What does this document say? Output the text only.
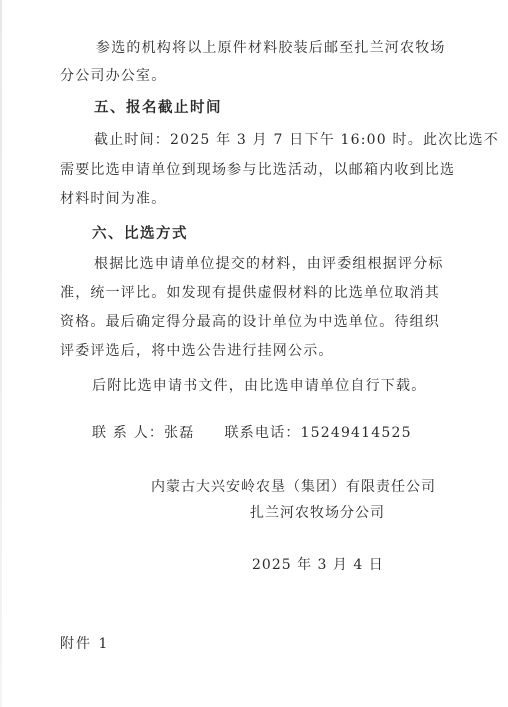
参选的机构将以上原件材料胶装后邮至扎兰河农牧场
分公司办公室。
五、报名截止时间
截止时间：2025 年 3 月 7 日下午 16:00 时。此次比选不
需要比选申请单位到现场参与比选活动，以邮箱内收到比选
材料时间为准。
六、比选方式
根据比选申请单位提交的材料，由评委组根据评分标
准，统一评比。如发现有提供虚假材料的比选单位取消其
资格。最后确定得分最高的设计单位为中选单位。待组织
评委评选后，将中选公告进行挂网公示。
后附比选申请书文件，由比选申请单位自行下载。
联 系 人：张磊 联系电话：15249414525
内蒙古大兴安岭农垦（集团）有限责任公司
扎兰河农牧场分公司
2025 年 3 月 4 日
附件 1
